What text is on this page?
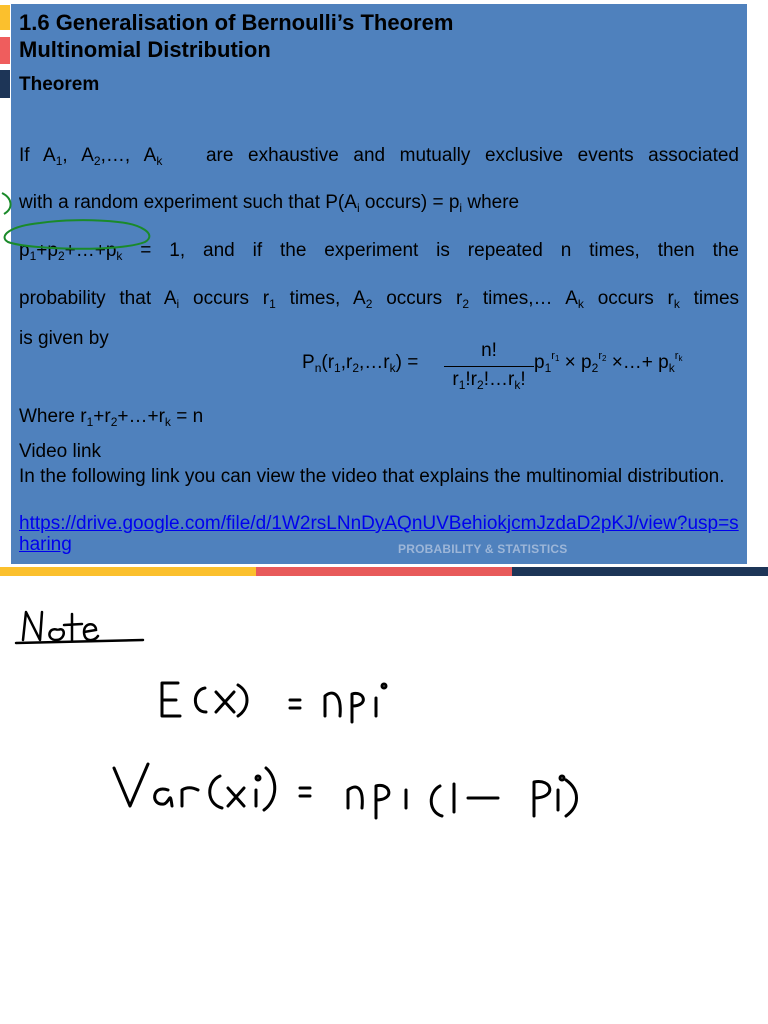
1.6 Generalisation of Bernoulli’s Theorem
Multinomial Distribution
Theorem
If $A_1$, $A_2,\dots$, $A_k$ are exhaustive and mutually exclusive events associated
with a random experiment such that $P(A_i$ occurs) = $p_i$ where
$p_1+p_2+\dots+p_k = 1$, and if the experiment is repeated n times, then the
probability that $A_i$ occurs $r_1$ times, $A_2$ occurs $r_2$ times,… $A_k$ occurs $r_k$ times
is given by
$P_n(r_1,r_2,\dots r_k)$ =
n!
$r_1!r_2!\dots r_k$!
$p_1^{r_1} \times p_2^{r_2}$ ×…+ $p_k^{r_k}$
Where $r_1+r_2+\dots+r_k = n$
Video link
In the following link you can view the video that explains the multinomial distribution.
https://drive.google.com/file/d/1W2rsLNnDyAQnUVBehiokjcmJzdaD2pKJ/view?usp=sharing	PROBABILITY & STATISTICS
